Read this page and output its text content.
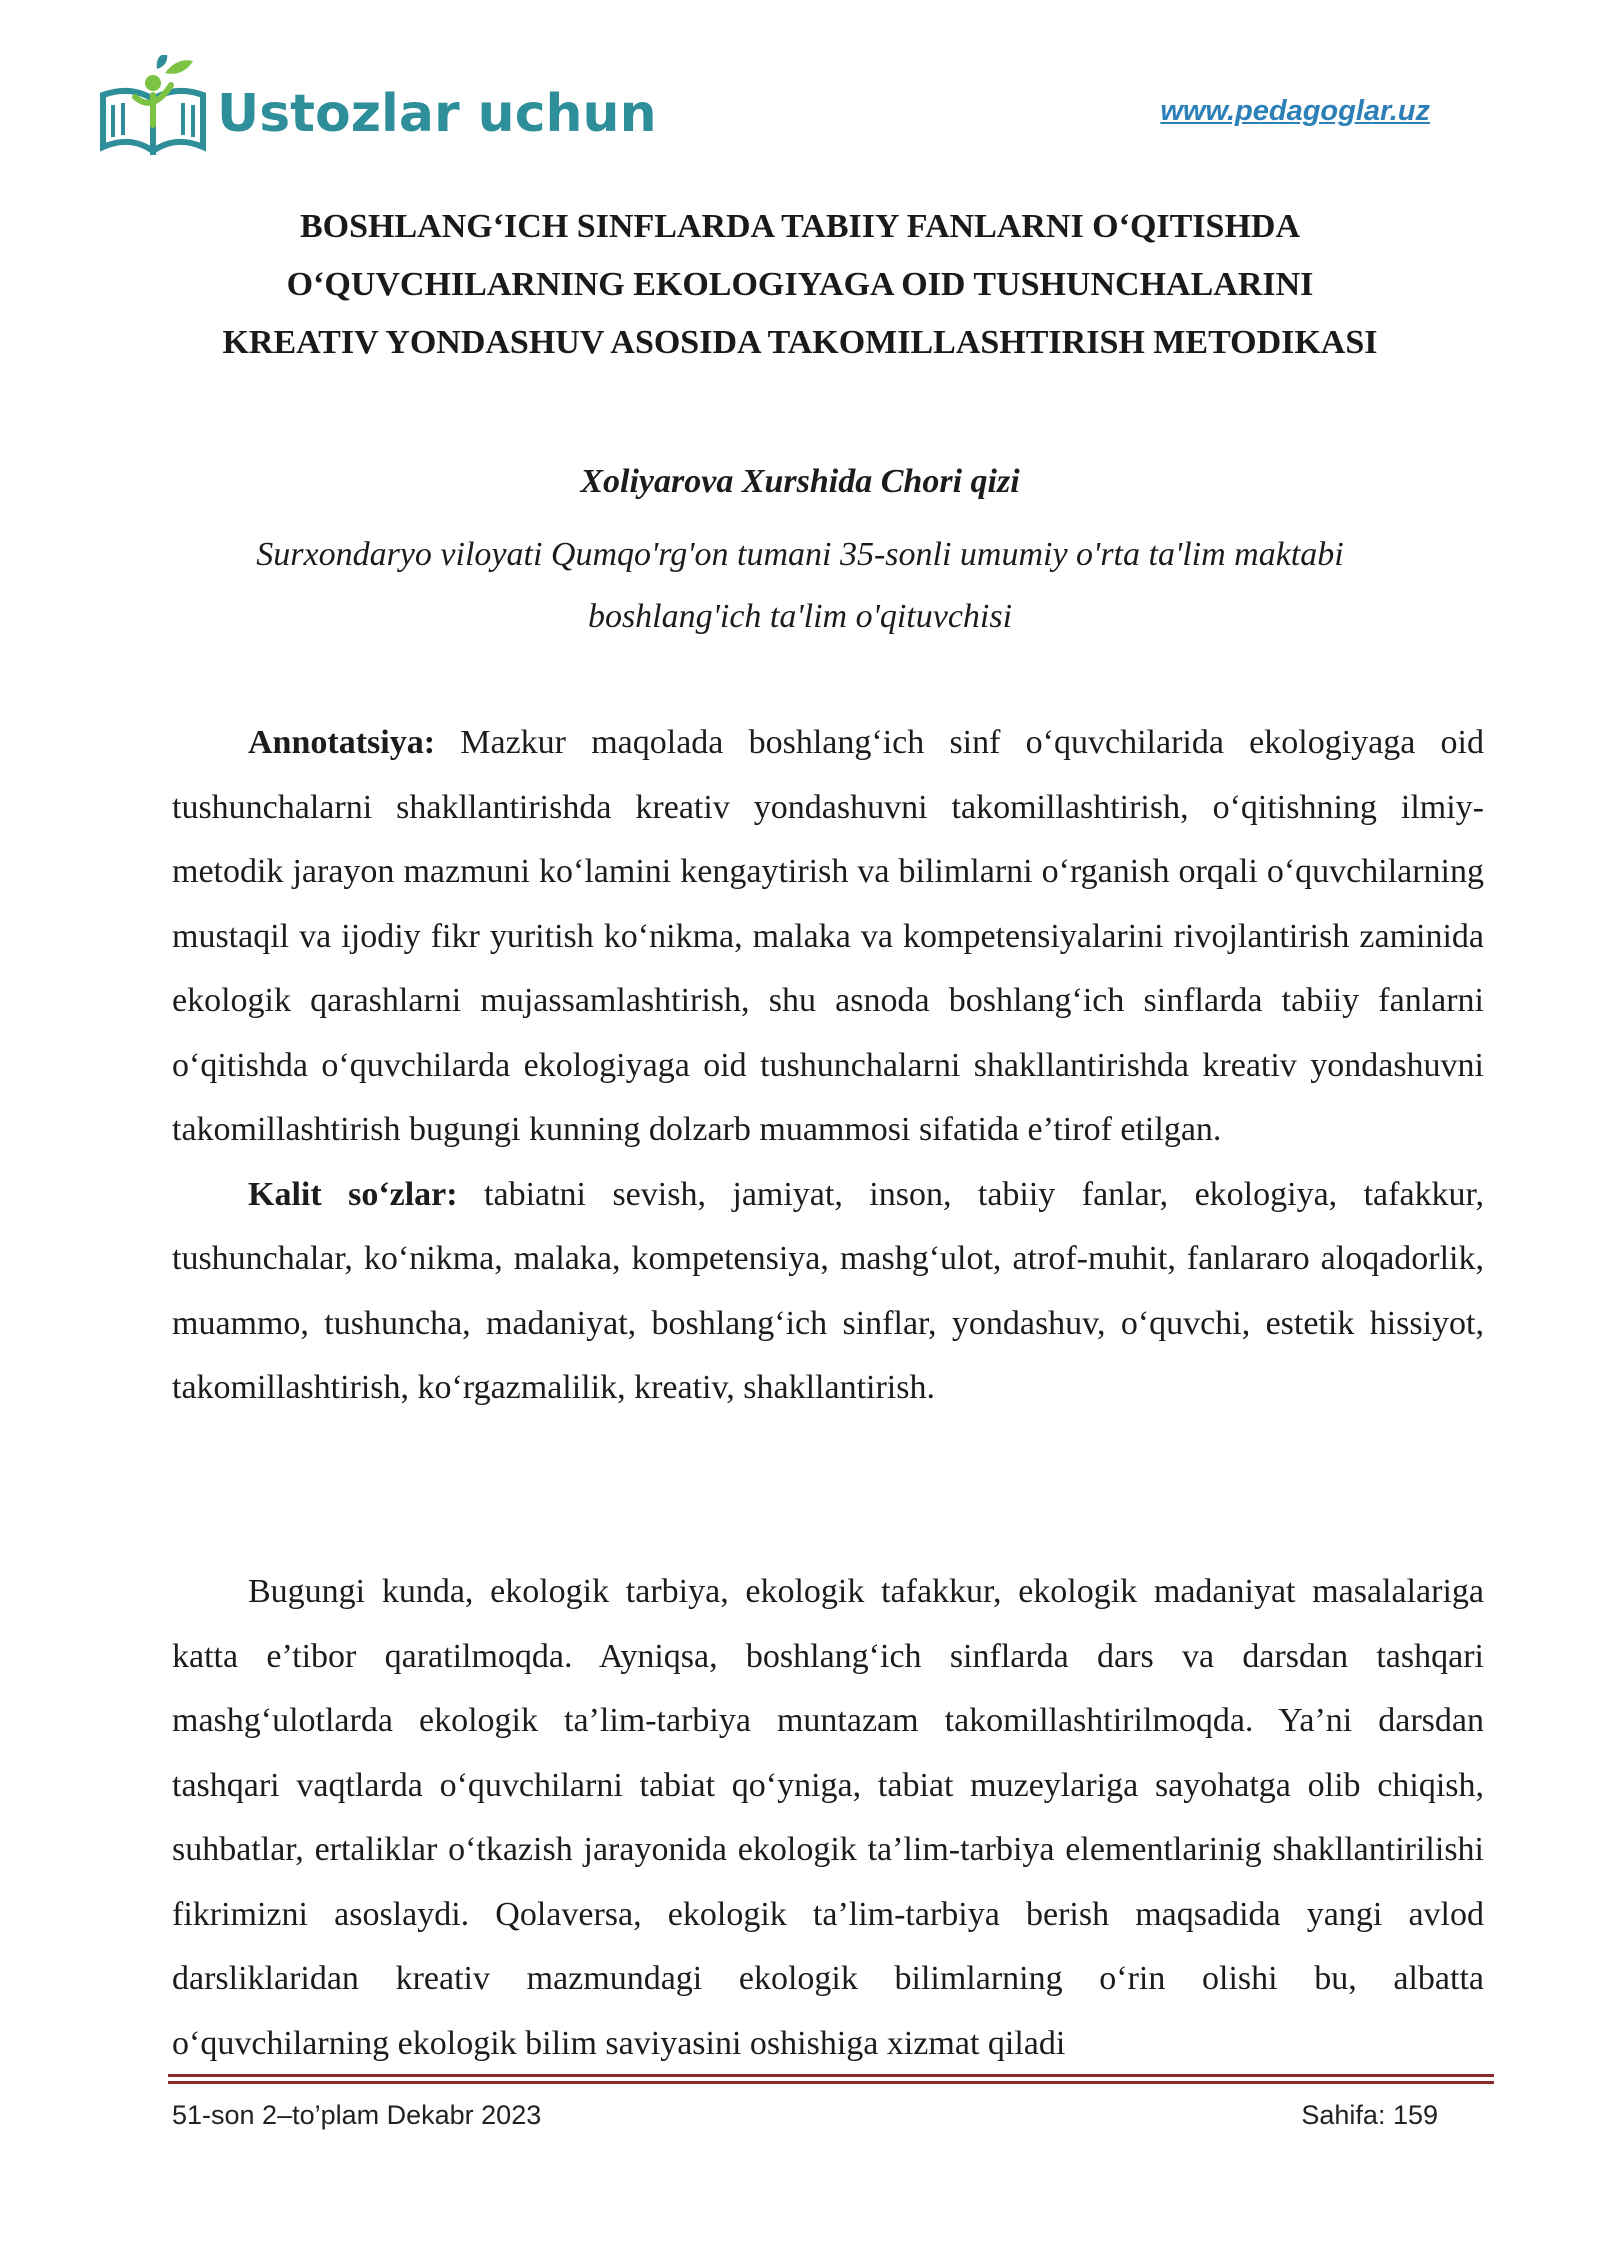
Ustozlar uchun	www.pedagoglar.uz
BOSHLANG‘ICH SINFLARDA TABIIY FANLARNI O‘QITISHDA
O‘QUVCHILARNING EKOLOGIYAGA OID TUSHUNCHALARINI
KREATIV YONDASHUV ASOSIDA TAKOMILLASHTIRISH METODIKASI
Xoliyarova Xurshida Chori qizi
Surxondaryo viloyati Qumqo'rg'on tumani 35-sonli umumiy o'rta ta'lim maktabi
boshlang'ich ta'lim o'qituvchisi

Annotatsiya: Mazkur maqolada boshlang‘ich sinf o‘quvchilarida ekologiyaga oid tushunchalarni shakllantirishda kreativ yondashuvni takomillashtirish, o‘qitishning ilmiy-metodik jarayon mazmuni ko‘lamini kengaytirish va bilimlarni o‘rganish orqali o‘quvchilarning mustaqil va ijodiy fikr yuritish ko‘nikma, malaka va kompetensiyalarini rivojlantirish zaminida ekologik qarashlarni mujassamlashtirish, shu asnoda boshlang‘ich sinflarda tabiiy fanlarni o‘qitishda o‘quvchilarda ekologiyaga oid tushunchalarni shakllantirishda kreativ yondashuvni takomillashtirish bugungi kunning dolzarb muammosi sifatida e’tirof etilgan.

Kalit so‘zlar: tabiatni sevish, jamiyat, inson, tabiiy fanlar, ekologiya, tafakkur, tushunchalar, ko‘nikma, malaka, kompetensiya, mashg‘ulot, atrof-muhit, fanlararo aloqadorlik, muammo, tushuncha, madaniyat, boshlang‘ich sinflar, yondashuv, o‘quvchi, estetik hissiyot, takomillashtirish, ko‘rgazmalilik, kreativ, shakllantirish.

Bugungi kunda, ekologik tarbiya, ekologik tafakkur, ekologik madaniyat masalalariga katta e’tibor qaratilmoqda. Ayniqsa, boshlang‘ich sinflarda dars va darsdan tashqari mashg‘ulotlarda ekologik ta’lim-tarbiya muntazam takomillashtirilmoqda. Ya’ni darsdan tashqari vaqtlarda o‘quvchilarni tabiat qo‘yniga, tabiat muzeylariga sayohatga olib chiqish, suhbatlar, ertaliklar o‘tkazish jarayonida ekologik ta’lim-tarbiya elementlarinig shakllantirilishi fikrimizni asoslaydi. Qolaversa, ekologik ta’lim-tarbiya berish maqsadida yangi avlod darsliklaridan kreativ mazmundagi ekologik bilimlarning o‘rin olishi bu, albatta o‘quvchilarning ekologik bilim saviyasini oshishiga xizmat qiladi

51-son 2–to’plam Dekabr 2023	Sahifa: 159
